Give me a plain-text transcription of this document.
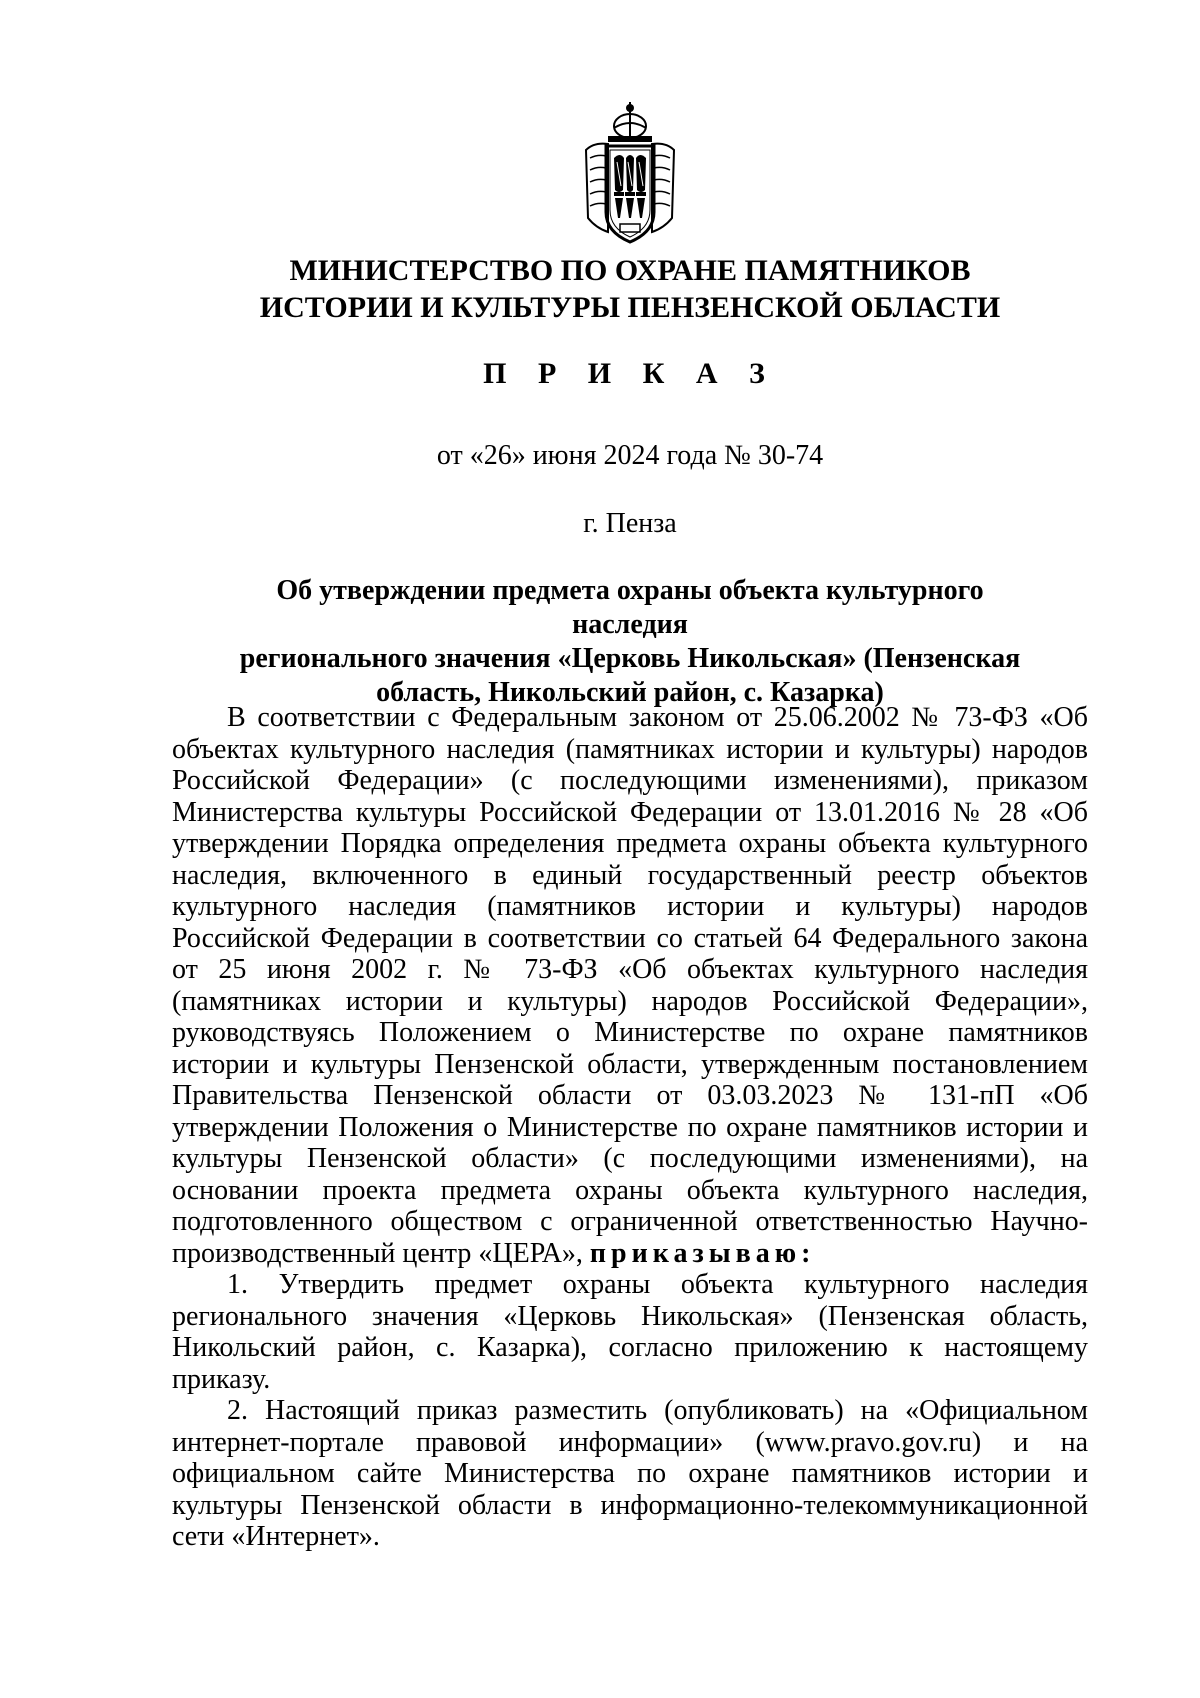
МИНИСТЕРСТВО ПО ОХРАНЕ ПАМЯТНИКОВ
ИСТОРИИ И КУЛЬТУРЫ ПЕНЗЕНСКОЙ ОБЛАСТИ
П Р И К А З
от «26» июня 2024 года № 30-74
г. Пенза
Об утверждении предмета охраны объекта культурного наследия
регионального значения «Церковь Никольская» (Пензенская
область, Никольский район, с. Казарка)

В соответствии с Федеральным законом от 25.06.2002 № 73-ФЗ «Об объектах культурного наследия (памятниках истории и культуры) народов Российской Федерации» (с последующими изменениями), приказом Министерства культуры Российской Федерации от 13.01.2016 № 28 «Об утверждении Порядка определения предмета охраны объекта культурного наследия, включенного в единый государственный реестр объектов культурного наследия (памятников истории и культуры) народов Российской Федерации в соответствии со статьей 64 Федерального закона от 25 июня 2002 г. № 73-ФЗ «Об объектах культурного наследия (памятниках истории и культуры) народов Российской Федерации», руководствуясь Положением о Министерстве по охране памятников истории и культуры Пензенской области, утвержденным постановлением Правительства Пензенской области от 03.03.2023 № 131-пП «Об утверждении Положения о Министерстве по охране памятников истории и культуры Пензенской области» (с последующими изменениями), на основании проекта предмета охраны объекта культурного наследия, подготовленного обществом с ограниченной ответственностью Научно-производственный центр «ЦЕРА», приказываю:

1. Утвердить предмет охраны объекта культурного наследия регионального значения «Церковь Никольская» (Пензенская область, Никольский район, с. Казарка), согласно приложению к настоящему приказу.

2. Настоящий приказ разместить (опубликовать) на «Официальном интернет-портале правовой информации» (www.pravo.gov.ru) и на официальном сайте Министерства по охране памятников истории и культуры Пензенской области в информационно-телекоммуникационной сети «Интернет».
